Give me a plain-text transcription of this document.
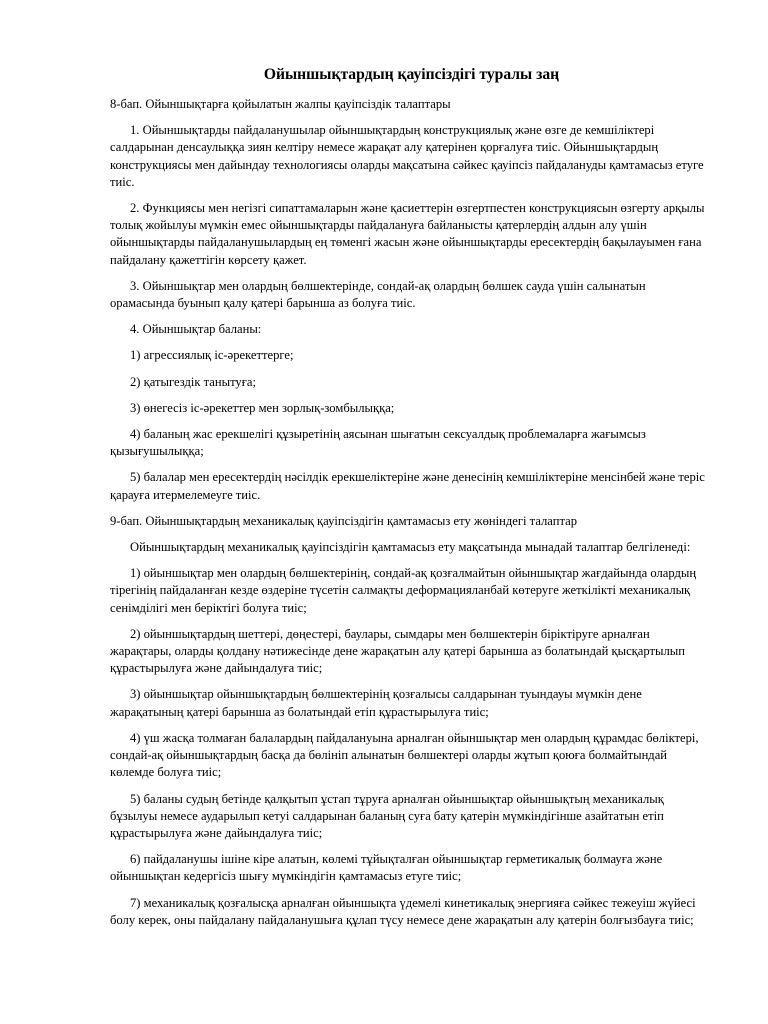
Ойыншықтардың қауіпсіздігі туралы заң
8-бап. Ойыншықтарға қойылатын жалпы қауіпсіздік талаптары

1. Ойыншықтарды пайдаланушылар ойыншықтардың конструкциялық және өзге де кемшіліктері салдарынан денсаулыққа зиян келтіру немесе жарақат алу қатерінен қорғалуға тиіс. Ойыншықтардың конструкциясы мен дайындау технологиясы оларды мақсатына сәйкес қауіпсіз пайдалануды қамтамасыз етуге тиіс.

2. Функциясы мен негізгі сипаттамаларын және қасиеттерін өзгертпестен конструкциясын өзгерту арқылы толық жойылуы мүмкін емес ойыншықтарды пайдалануға байланысты қатерлердің алдын алу үшін ойыншықтарды пайдаланушылардың ең төменгі жасын және ойыншықтарды ересектердің бақылауымен ғана пайдалану қажеттігін көрсету қажет.

3. Ойыншықтар мен олардың бөлшектерінде, сондай-ақ олардың бөлшек сауда үшін салынатын орамасында буынып қалу қатері барынша аз болуға тиіс.

4. Ойыншықтар баланы:

1) агрессиялық іс-әрекеттерге;

2) қатыгездік танытуға;

3) өнегесіз іс-әрекеттер мен зорлық-зомбылыққа;

4) баланың жас ерекшелігі құзыретінің аясынан шығатын сексуалдық проблемаларға жағымсыз қызығушылыққа;

5) балалар мен ересектердің нәсілдік ерекшеліктеріне және денесінің кемшіліктеріне менсінбей және теріс қарауға итермелемеуге тиіс.

9-бап. Ойыншықтардың механикалық қауіпсіздігін қамтамасыз ету жөніндегі талаптар

Ойыншықтардың механикалық қауіпсіздігін қамтамасыз ету мақсатында мынадай талаптар белгіленеді:

1) ойыншықтар мен олардың бөлшектерінің, сондай-ақ қозғалмайтын ойыншықтар жағдайында олардың тірегінің пайдаланған кезде өздеріне түсетін салмақты деформацияланбай көтеруге жеткілікті механикалық сенімділігі мен беріктігі болуға тиіс;

2) ойыншықтардың шеттері, дөңестері, баулары, сымдары мен бөлшектерін біріктіруге арналған жарақтары, оларды қолдану нәтижесінде дене жарақатын алу қатері барынша аз болатындай қысқартылып құрастырылуға және дайындалуға тиіс;

3) ойыншықтар ойыншықтардың бөлшектерінің қозғалысы салдарынан туындауы мүмкін дене жарақатының қатері барынша аз болатындай етіп құрастырылуға тиіс;

4) үш жасқа толмаған балалардың пайдалануына арналған ойыншықтар мен олардың құрамдас бөліктері, сондай-ақ ойыншықтардың басқа да бөлініп алынатын бөлшектері оларды жұтып қоюға болмайтындай көлемде болуға тиіс;

5) баланы судың бетінде қалқытып ұстап тұруға арналған ойыншықтар ойыншықтың механикалық бұзылуы немесе аударылып кетуі салдарынан баланың суға бату қатерін мүмкіндігінше азайтатын етіп құрастырылуға және дайындалуға тиіс;

6) пайдаланушы ішіне кіре алатын, көлемі тұйықталған ойыншықтар герметикалық болмауға және ойыншықтан кедергісіз шығу мүмкіндігін қамтамасыз етуге тиіс;

7) механикалық қозғалысқа арналған ойыншықта үдемелі кинетикалық энергияға сәйкес тежеуіш жүйесі болу керек, оны пайдалану пайдаланушыға құлап түсу немесе дене жарақатын алу қатерін болғызбауға тиіс;
